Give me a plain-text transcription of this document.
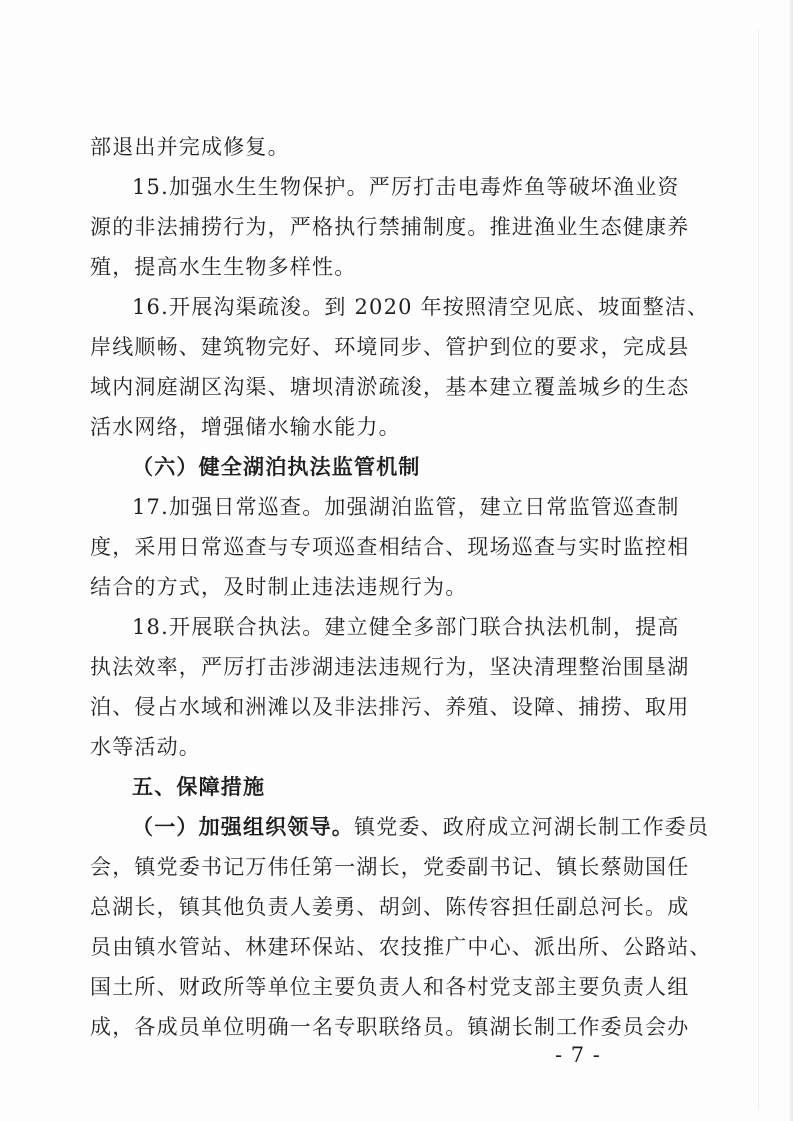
部退出并完成修复。
15.加强水生生物保护。严厉打击电毒炸鱼等破坏渔业资
源的非法捕捞行为，严格执行禁捕制度。推进渔业生态健康养
殖，提高水生生物多样性。
16.开展沟渠疏浚。到 2020 年按照清空见底、坡面整洁、
岸线顺畅、建筑物完好、环境同步、管护到位的要求，完成县
域内洞庭湖区沟渠、塘坝清淤疏浚，基本建立覆盖城乡的生态
活水网络，增强储水输水能力。
（六）健全湖泊执法监管机制
17.加强日常巡查。加强湖泊监管，建立日常监管巡查制
度，采用日常巡查与专项巡查相结合、现场巡查与实时监控相
结合的方式，及时制止违法违规行为。
18.开展联合执法。建立健全多部门联合执法机制，提高
执法效率，严厉打击涉湖违法违规行为，坚决清理整治围垦湖
泊、侵占水域和洲滩以及非法排污、养殖、设障、捕捞、取用
水等活动。
五、保障措施
（一）加强组织领导。镇党委、政府成立河湖长制工作委员
会，镇党委书记万伟任第一湖长，党委副书记、镇长蔡勋国任
总湖长，镇其他负责人姜勇、胡剑、陈传容担任副总河长。成
员由镇水管站、林建环保站、农技推广中心、派出所、公路站、
国土所、财政所等单位主要负责人和各村党支部主要负责人组
成，各成员单位明确一名专职联络员。镇湖长制工作委员会办
- 7 -
